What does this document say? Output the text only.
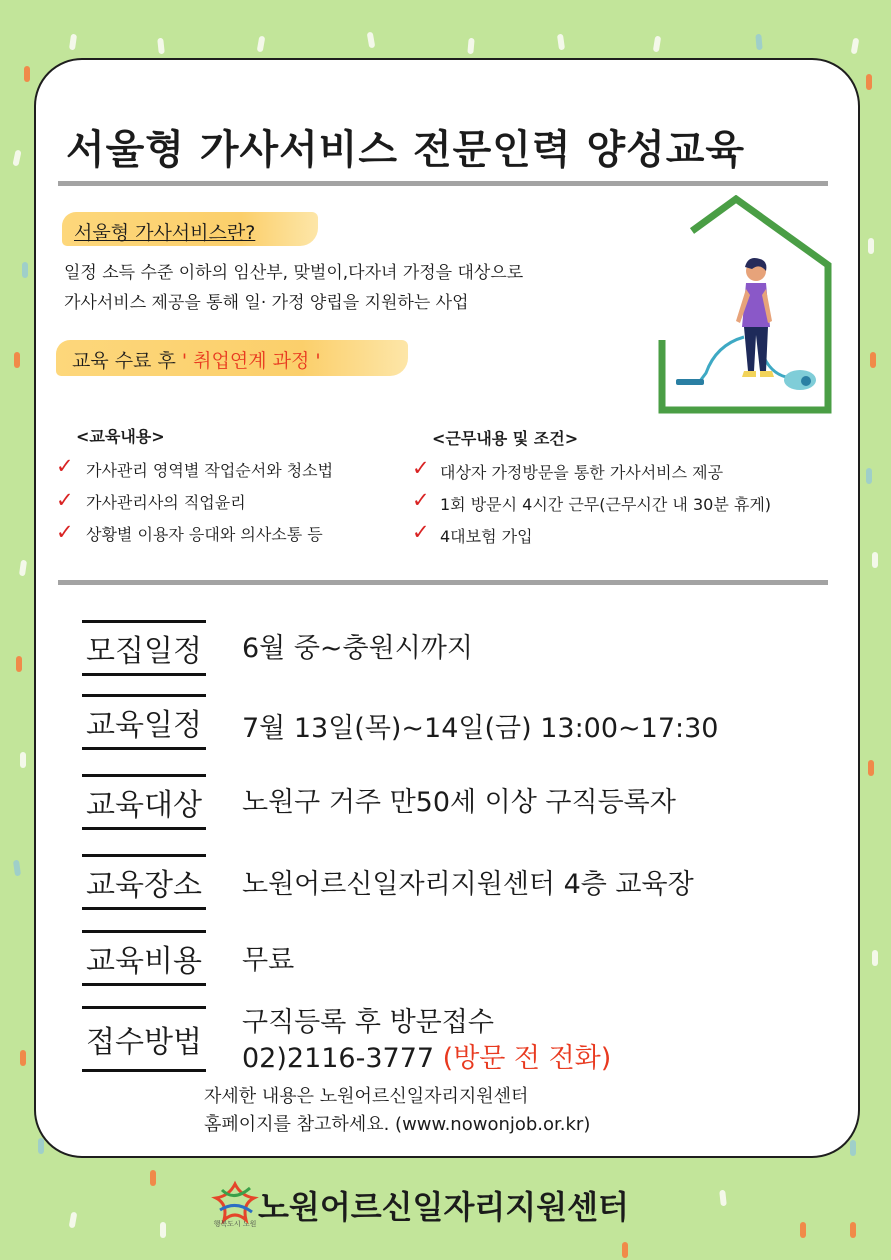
서울형 가사서비스 전문인력 양성교육
서울형 가사서비스란?
일정 소득 수준 이하의 임산부, 맞벌이,다자녀 가정을 대상으로
가사서비스 제공을 통해 일· 가정 양립을 지원하는 사업
교육 수료 후 ' 취업연계 과정 '
<교육내용>
✓ 가사관리 영역별 작업순서와 청소법
✓ 가사관리사의 직업윤리
✓ 상황별 이용자 응대와 의사소통 등
<근무내용 및 조건>
✓ 대상자 가정방문을 통한 가사서비스 제공
✓ 1회 방문시 4시간 근무(근무시간 내 30분 휴게)
✓ 4대보험 가입
모집일정 6월 중~충원시까지
교육일정 7월 13일(목)~14일(금) 13:00~17:30
교육대상 노원구 거주 만50세 이상 구직등록자
교육장소 노원어르신일자리지원센터 4층 교육장
교육비용 무료
접수방법
구직등록 후 방문접수
02)2116-3777 (방문 전 전화)
자세한 내용은 노원어르신일자리지원센터
홈페이지를 참고하세요. (www.nowonjob.or.kr)
행복도시 노원 노원어르신일자리지원센터
